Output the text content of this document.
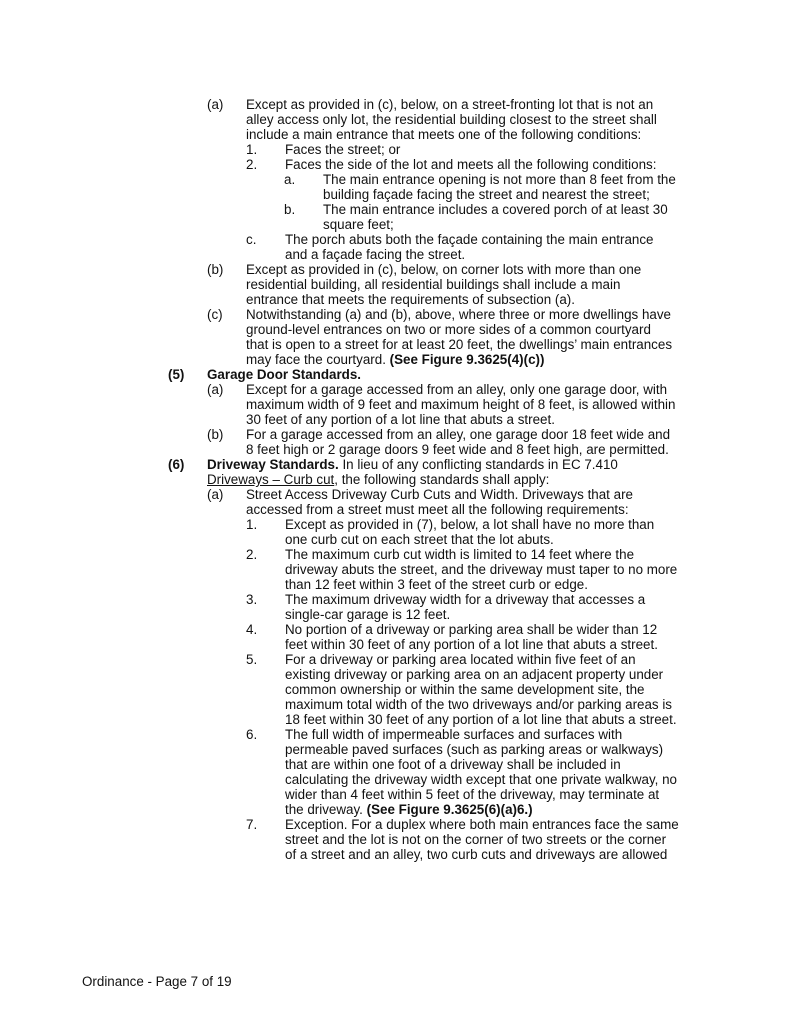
(a) Except as provided in (c), below, on a street-fronting lot that is not an
alley access only lot, the residential building closest to the street shall
include a main entrance that meets one of the following conditions:
1. Faces the street; or
2. Faces the side of the lot and meets all the following conditions:
a. The main entrance opening is not more than 8 feet from the
building façade facing the street and nearest the street;
b. The main entrance includes a covered porch of at least 30
square feet;
c. The porch abuts both the façade containing the main entrance
and a façade facing the street.
(b) Except as provided in (c), below, on corner lots with more than one
residential building, all residential buildings shall include a main
entrance that meets the requirements of subsection (a).
(c) Notwithstanding (a) and (b), above, where three or more dwellings have
ground-level entrances on two or more sides of a common courtyard
that is open to a street for at least 20 feet, the dwellings’ main entrances
may face the courtyard. (See Figure 9.3625(4)(c))
(5) Garage Door Standards.
(a) Except for a garage accessed from an alley, only one garage door, with
maximum width of 9 feet and maximum height of 8 feet, is allowed within
30 feet of any portion of a lot line that abuts a street.
(b) For a garage accessed from an alley, one garage door 18 feet wide and
8 feet high or 2 garage doors 9 feet wide and 8 feet high, are permitted.
(6) Driveway Standards. In lieu of any conflicting standards in EC 7.410
Driveways – Curb cut, the following standards shall apply:
(a) Street Access Driveway Curb Cuts and Width. Driveways that are
accessed from a street must meet all the following requirements:
1. Except as provided in (7), below, a lot shall have no more than
one curb cut on each street that the lot abuts.
2. The maximum curb cut width is limited to 14 feet where the
driveway abuts the street, and the driveway must taper to no more
than 12 feet within 3 feet of the street curb or edge.
3. The maximum driveway width for a driveway that accesses a
single-car garage is 12 feet.
4. No portion of a driveway or parking area shall be wider than 12
feet within 30 feet of any portion of a lot line that abuts a street.
5. For a driveway or parking area located within five feet of an
existing driveway or parking area on an adjacent property under
common ownership or within the same development site, the
maximum total width of the two driveways and/or parking areas is
18 feet within 30 feet of any portion of a lot line that abuts a street.
6. The full width of impermeable surfaces and surfaces with
permeable paved surfaces (such as parking areas or walkways)
that are within one foot of a driveway shall be included in
calculating the driveway width except that one private walkway, no
wider than 4 feet within 5 feet of the driveway, may terminate at
the driveway. (See Figure 9.3625(6)(a)6.)
7. Exception. For a duplex where both main entrances face the same
street and the lot is not on the corner of two streets or the corner
of a street and an alley, two curb cuts and driveways are allowed
Ordinance - Page 7 of 19
